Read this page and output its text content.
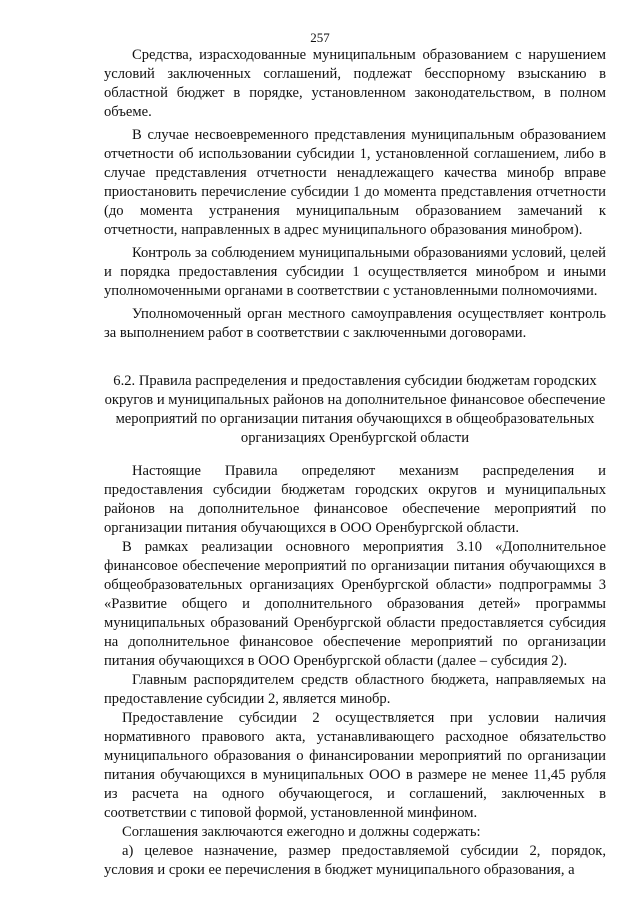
257

Средства, израсходованные муниципальным образованием с нарушением условий заключенных соглашений, подлежат бесспорному взысканию в областной бюджет в порядке, установленном законодательством, в полном объеме.

В случае несвоевременного представления муниципальным образованием отчетности об использовании субсидии 1, установленной соглашением, либо в случае представления отчетности ненадлежащего качества минобр вправе приостановить перечисление субсидии 1 до момента представления отчетности (до момента устранения муниципальным образованием замечаний к отчетности, направленных в адрес муниципального образования минобром).

Контроль за соблюдением муниципальными образованиями условий, целей и порядка предоставления субсидии 1 осуществляется минобром и иными уполномоченными органами в соответствии с установленными полномочиями.

Уполномоченный орган местного самоуправления осуществляет контроль за выполнением работ в соответствии с заключенными договорами.

6.2. Правила распределения и предоставления субсидии бюджетам городских округов и муниципальных районов на дополнительное финансовое обеспечение мероприятий по организации питания обучающихся в общеобразовательных организациях Оренбургской области

Настоящие Правила определяют механизм распределения и предоставления субсидии бюджетам городских округов и муниципальных районов на дополнительное финансовое обеспечение мероприятий по организации питания обучающихся в ООО Оренбургской области.

В рамках реализации основного мероприятия 3.10 «Дополнительное финансовое обеспечение мероприятий по организации питания обучающихся в общеобразовательных организациях Оренбургской области» подпрограммы 3 «Развитие общего и дополнительного образования детей» программы муниципальных образований Оренбургской области предоставляется субсидия на дополнительное финансовое обеспечение мероприятий по организации питания обучающихся в ООО Оренбургской области (далее – субсидия 2).

Главным распорядителем средств областного бюджета, направляемых на предоставление субсидии 2, является минобр.

Предоставление субсидии 2 осуществляется при условии наличия нормативного правового акта, устанавливающего расходное обязательство муниципального образования о финансировании мероприятий по организации питания обучающихся в муниципальных ООО в размере не менее 11,45 рубля из расчета на одного обучающегося, и соглашений, заключенных в соответствии с типовой формой, установленной минфином.

Соглашения заключаются ежегодно и должны содержать:

а) целевое назначение, размер предоставляемой субсидии 2, порядок, условия и сроки ее перечисления в бюджет муниципального образования, а
